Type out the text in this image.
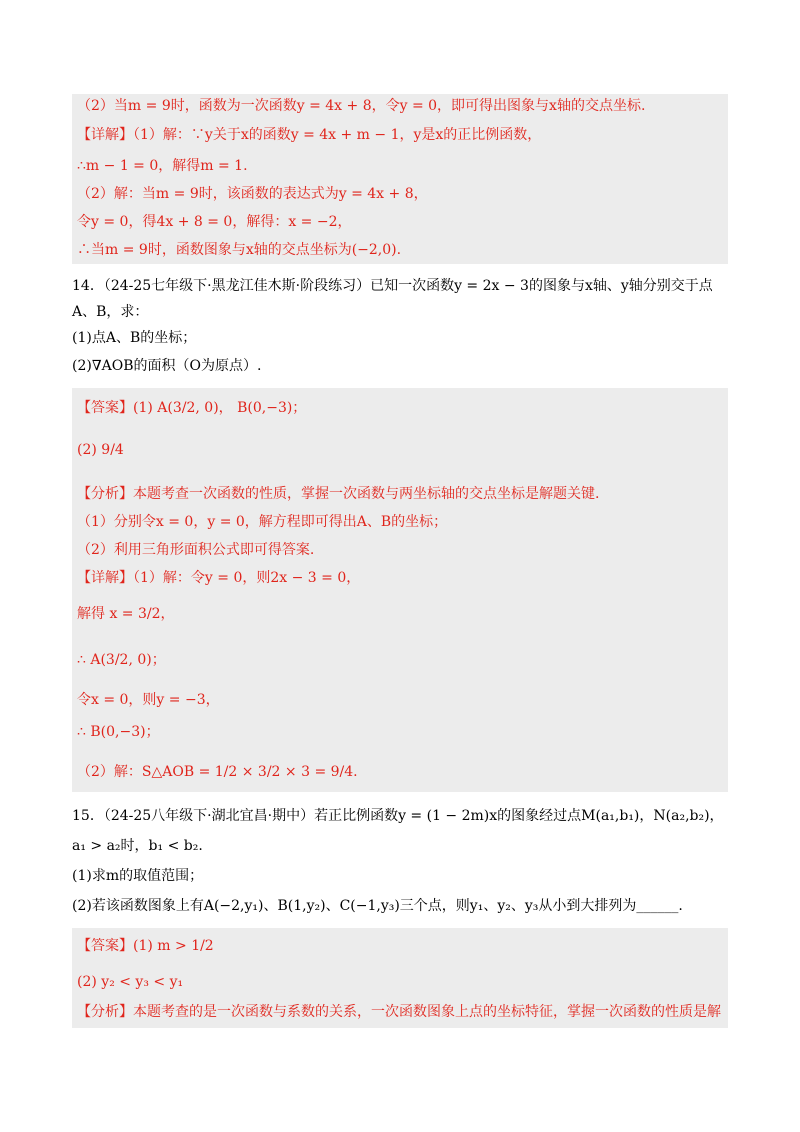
（2）当m = 9时，函数为一次函数y = 4x + 8，令y = 0，即可得出图象与x轴的交点坐标.
【详解】（1）解：∵y关于x的函数y = 4x + m − 1，y是x的正比例函数，
∴m − 1 = 0，解得m = 1.
（2）解：当m = 9时，该函数的表达式为y = 4x + 8，
令y = 0，得4x + 8 = 0，解得：x = −2，
∴当m = 9时，函数图象与x轴的交点坐标为(−2,0).
14．（24-25七年级下·黑龙江佳木斯·阶段练习）已知一次函数y = 2x − 3的图象与x轴、y轴分别交于点
A、B，求：
(1)点A、B的坐标；
(2)∇AOB的面积（O为原点）.
【答案】(1) A(3/2, 0)， B(0,−3)；
(2) 9/4
【分析】本题考查一次函数的性质，掌握一次函数与两坐标轴的交点坐标是解题关键.
（1）分别令x = 0，y = 0，解方程即可得出A、B的坐标；
（2）利用三角形面积公式即可得答案.
【详解】（1）解：令y = 0，则2x − 3 = 0，
解得 x = 3/2，
∴ A(3/2, 0)；
令x = 0，则y = −3，
∴ B(0,−3)；
（2）解：S△AOB = 1/2 × 3/2 × 3 = 9/4.
15．（24-25八年级下·湖北宜昌·期中）若正比例函数y = (1 − 2m)x的图象经过点M(a₁,b₁)，N(a₂,b₂)，
a₁ > a₂时，b₁ < b₂.
(1)求m的取值范围；
(2)若该函数图象上有A(−2,y₁)、B(1,y₂)、C(−1,y₃)三个点，则y₁、y₂、y₃从小到大排列为______.
【答案】(1) m > 1/2
(2) y₂ < y₃ < y₁
【分析】本题考查的是一次函数与系数的关系，一次函数图象上点的坐标特征，掌握一次函数的性质是解
